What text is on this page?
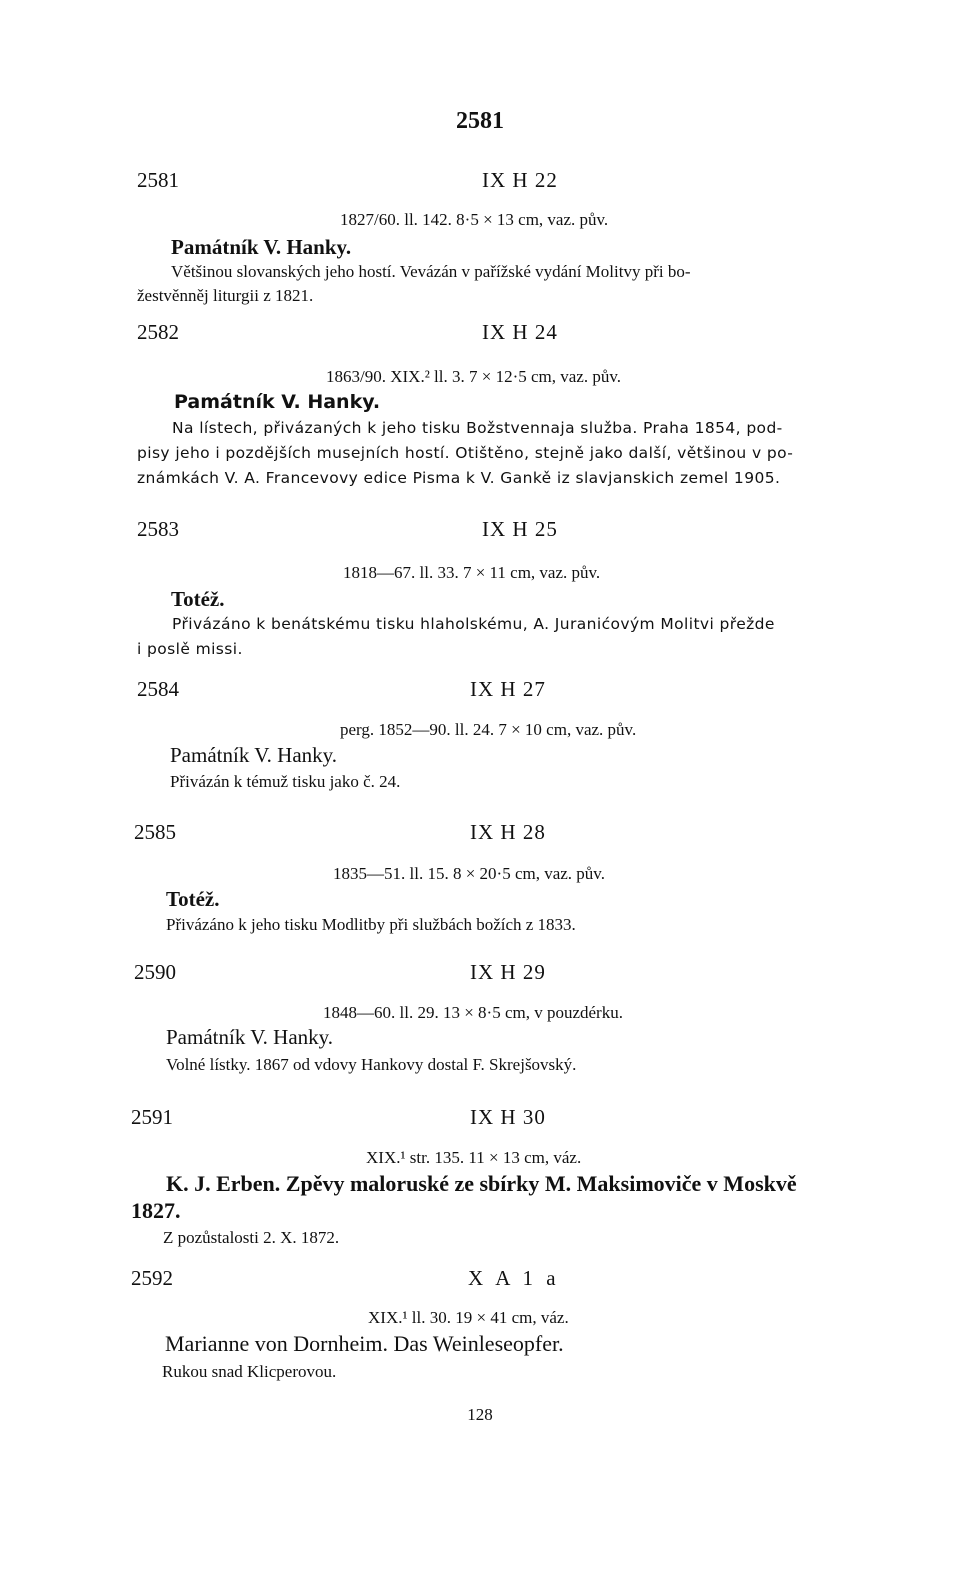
2581
2581	IX H 22
1827/60. ll. 142. 8·5 × 13 cm, vaz. pův.
Památník V. Hanky.
Většinou slovanských jeho hostí. Vevázán v pařížské vydání Molitvy při bo-
žestvěnněj liturgii z 1821.
2582	IX H 24
1863/90. XIX.² ll. 3. 7 × 12·5 cm, vaz. pův.
Památník V. Hanky.
Na lístech, přivázaných k jeho tisku Božstvennaja služba. Praha 1854, pod-
pisy jeho i pozdějších musejních hostí. Otištěno, stejně jako další, většinou v po-
známkách V. A. Francevovy edice Pisma k V. Gankě iz slavjanskich zemel 1905.
2583	IX H 25
1818—67. ll. 33. 7 × 11 cm, vaz. pův.
Totéž.
Přivázáno k benátskému tisku hlaholskému, A. Juranićovým Molitvi přežde
i poslě missi.
2584	IX H 27
perg. 1852—90. ll. 24. 7 × 10 cm, vaz. pův.
Památník V. Hanky.
Přivázán k témuž tisku jako č. 24.
2585	IX H 28
1835—51. ll. 15. 8 × 20·5 cm, vaz. pův.
Totéž.
Přivázáno k jeho tisku Modlitby při službách božích z 1833.
2590	IX H 29
1848—60. ll. 29. 13 × 8·5 cm, v pouzdérku.
Památník V. Hanky.
Volné lístky. 1867 od vdovy Hankovy dostal F. Skrejšovský.
2591	IX H 30
XIX.¹ str. 135. 11 × 13 cm, váz.
K. J. Erben. Zpěvy maloruské ze sbírky M. Maksimoviče v Moskvě
1827.
Z pozůstalosti 2. X. 1872.
2592	X A 1 a
XIX.¹ ll. 30. 19 × 41 cm, váz.
Marianne von Dornheim. Das Weinleseopfer.
Rukou snad Klicperovou.
128
